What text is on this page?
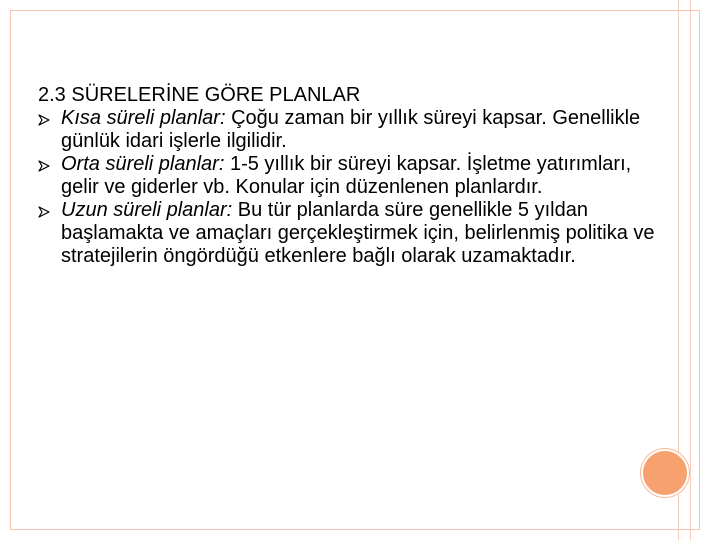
2.3 SÜRELERİNE GÖRE PLANLAR
Kısa süreli planlar: Çoğu zaman bir yıllık süreyi kapsar. Genellikle günlük idari işlerle ilgilidir.
Orta süreli planlar: 1-5 yıllık bir süreyi kapsar. İşletme yatırımları, gelir ve giderler vb. Konular için düzenlenen planlardır.
Uzun süreli planlar: Bu tür planlarda süre genellikle 5 yıldan başlamakta ve amaçları gerçekleştirmek için, belirlenmiş politika ve stratejilerin öngördüğü etkenlere bağlı olarak uzamaktadır.
